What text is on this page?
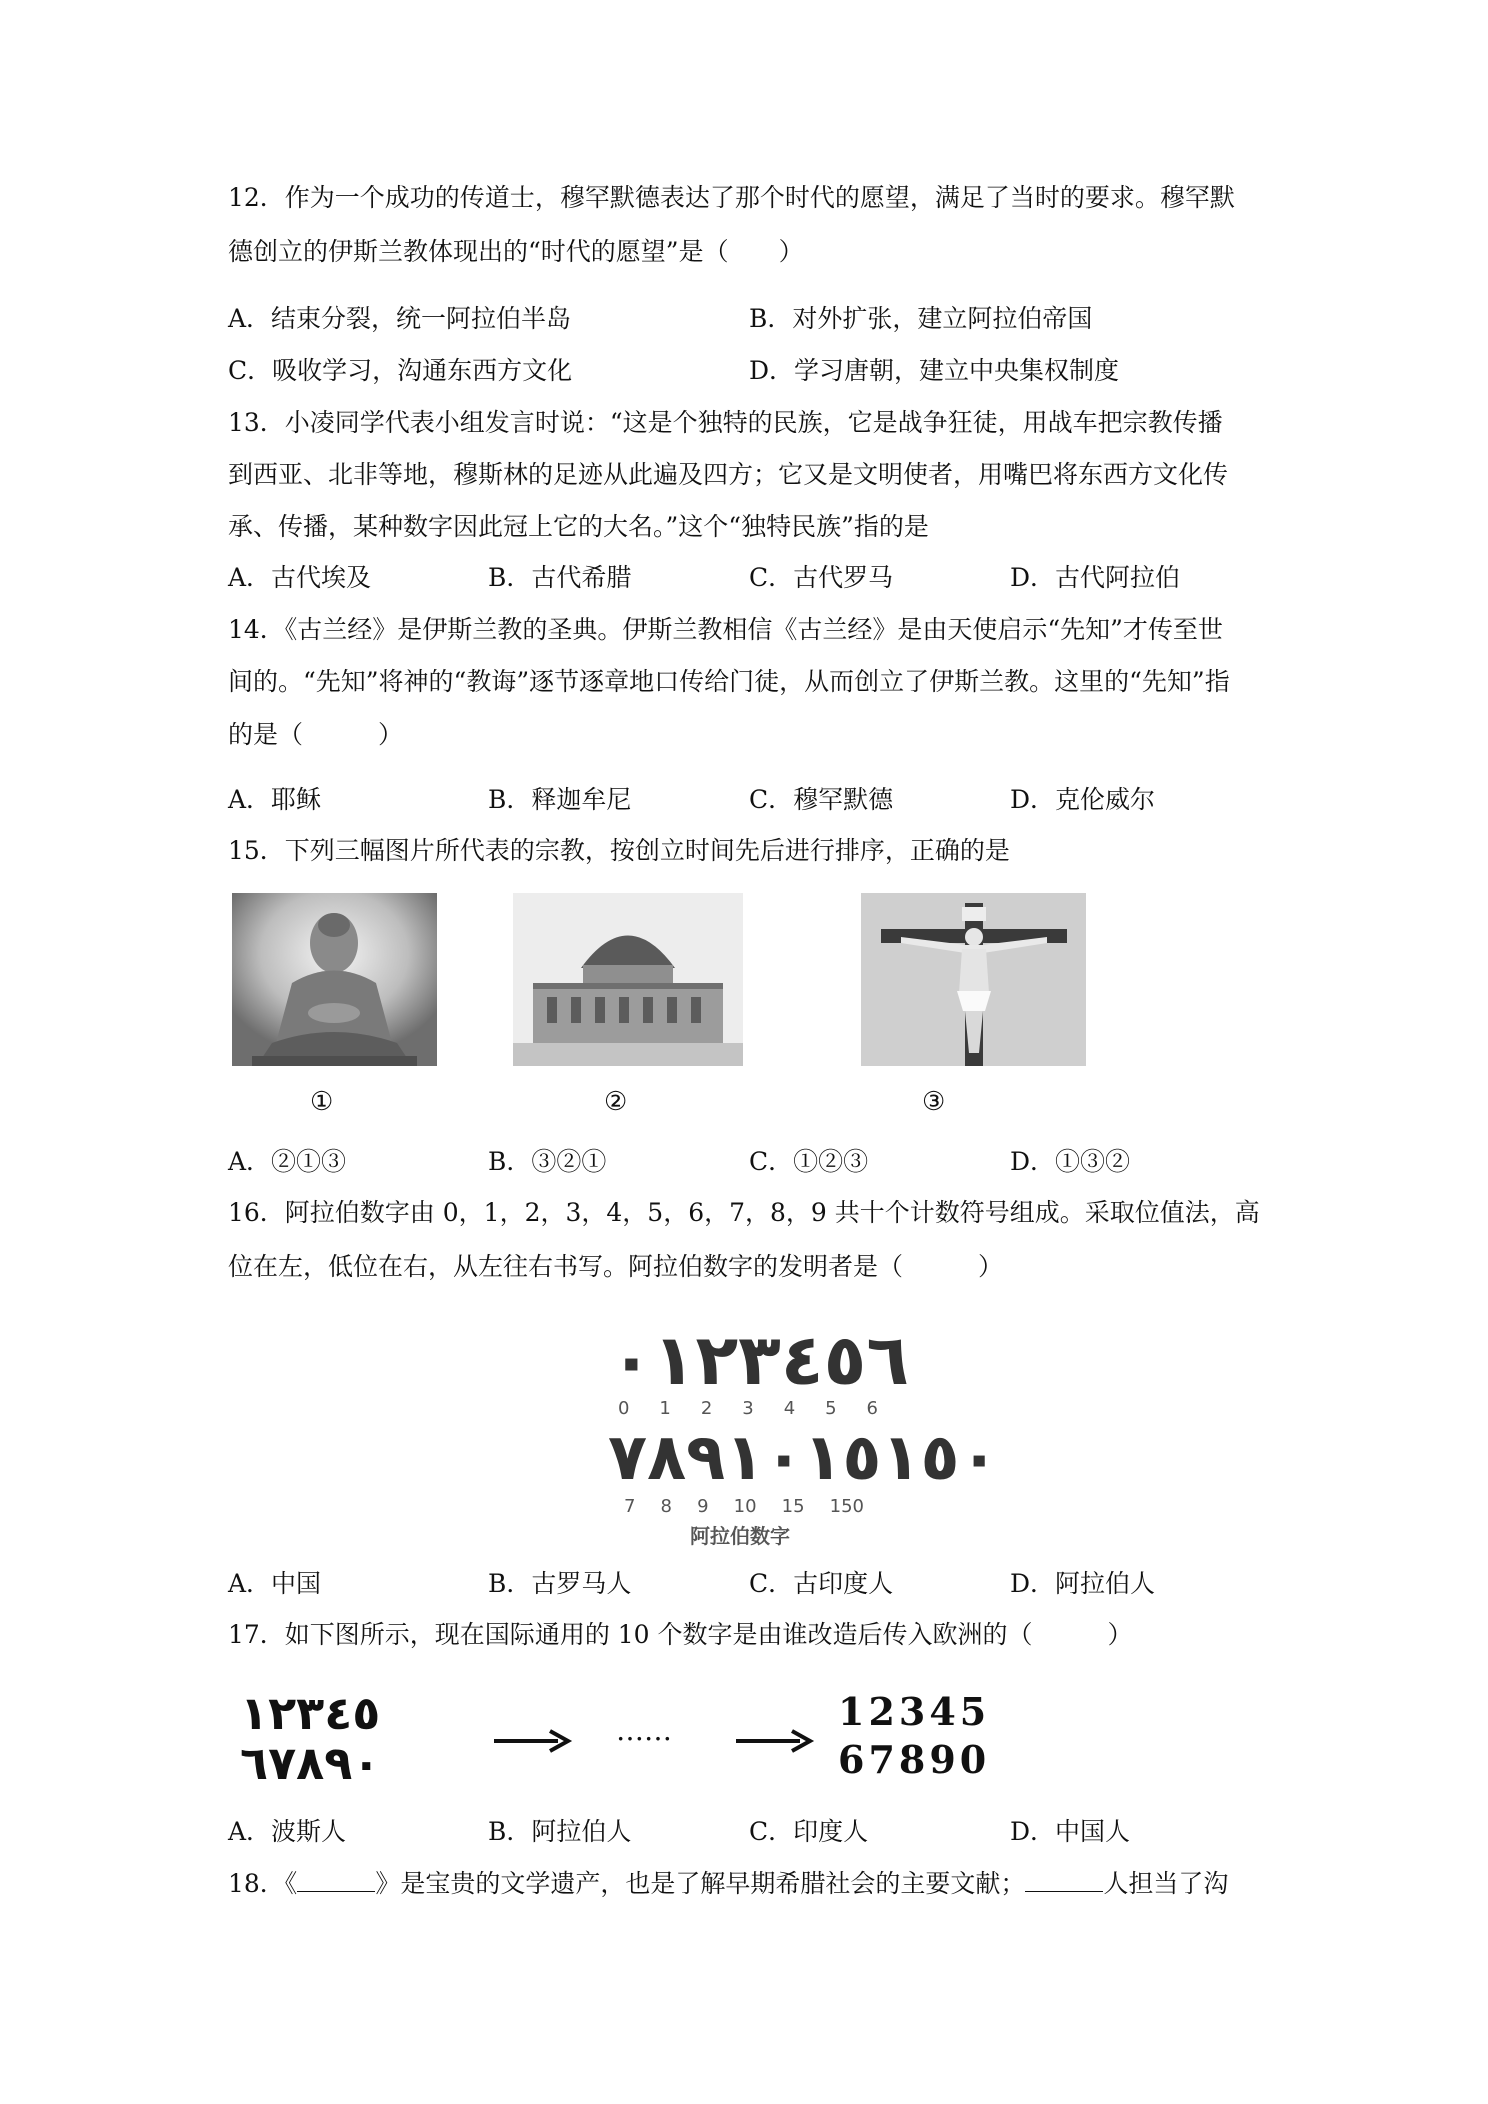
12．作为一个成功的传道士，穆罕默德表达了那个时代的愿望，满足了当时的要求。穆罕默
德创立的伊斯兰教体现出的“时代的愿望”是（　　）
A．结束分裂，统一阿拉伯半岛	B．对外扩张，建立阿拉伯帝国
C．吸收学习，沟通东西方文化	D．学习唐朝，建立中央集权制度
13．小凌同学代表小组发言时说：“这是个独特的民族，它是战争狂徒，用战车把宗教传播
到西亚、北非等地，穆斯林的足迹从此遍及四方；它又是文明使者，用嘴巴将东西方文化传
承、传播，某种数字因此冠上它的大名。”这个“独特民族”指的是
A．古代埃及	B．古代希腊	C．古代罗马	D．古代阿拉伯
14．《古兰经》是伊斯兰教的圣典。伊斯兰教相信《古兰经》是由天使启示“先知”才传至世
间的。“先知”将神的“教诲”逐节逐章地口传给门徒，从而创立了伊斯兰教。这里的“先知”指
的是（　　　）
A．耶稣	B．释迦牟尼	C．穆罕默德	D．克伦威尔
15．下列三幅图片所代表的宗教，按创立时间先后进行排序，正确的是
①	②	③
A．②①③	B．③②①	C．①②③	D．①③②
16．阿拉伯数字由 0，1，2，3，4，5，6，7，8，9 共十个计数符号组成。采取位值法，高
位在左，低位在右，从左往右书写。阿拉伯数字的发明者是（　　　）
٠١٢٣٤٥٦
0 1 2 3 4 5 6
٧٨٩١٠١٥١٥٠
7 8 9 10 15 150
阿拉伯数字
A．中国	B．古罗马人	C．古印度人	D．阿拉伯人
17．如下图所示，现在国际通用的 10 个数字是由谁改造后传入欧洲的（　　　）
١٢٣٤٥
٦٧٨٩٠
……	12345
67890
A．波斯人	B．阿拉伯人	C．印度人	D．中国人
18．《	》是宝贵的文学遗产，也是了解早期希腊社会的主要文献；	人担当了沟
